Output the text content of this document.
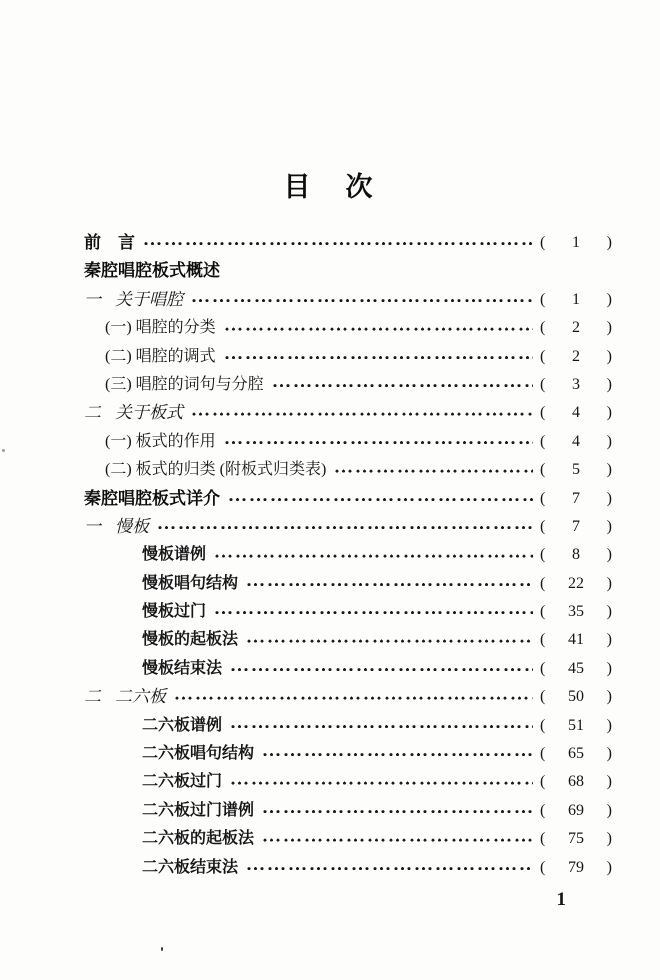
目　次
前　言	(	1	)
秦腔唱腔板式概述
一 关于唱腔	(	1	)
(一) 唱腔的分类	(	2	)
(二) 唱腔的调式	(	2	)
(三) 唱腔的词句与分腔	(	3	)
二 关于板式	(	4	)
(一) 板式的作用	(	4	)
(二) 板式的归类 (附板式归类表)	(	5	)
秦腔唱腔板式详介	(	7	)
一 慢板	(	7	)
慢板谱例	(	8	)
慢板唱句结构	(	22	)
慢板过门	(	35	)
慢板的起板法	(	41	)
慢板结束法	(	45	)
二 二六板	(	50	)
二六板谱例	(	51	)
二六板唱句结构	(	65	)
二六板过门	(	68	)
二六板过门谱例	(	69	)
二六板的起板法	(	75	)
二六板结束法	(	79	)
1
